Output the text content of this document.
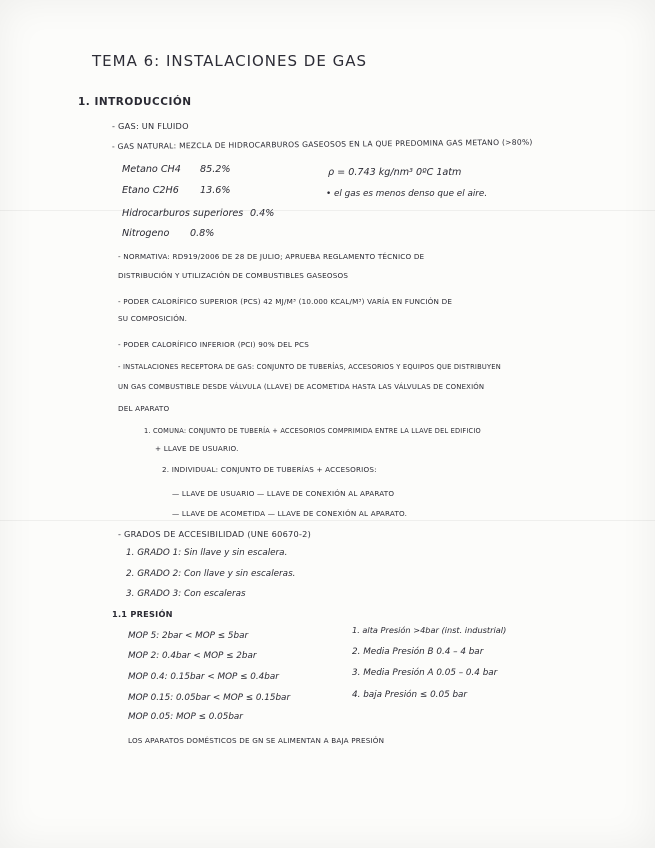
TEMA 6: INSTALACIONES DE GAS
1. INTRODUCCIÓN
- GAS: UN FLUIDO
- GAS NATURAL: MEZCLA DE HIDROCARBUROS GASEOSOS EN LA QUE PREDOMINA GAS METANO (>80%)
Metano CH4 85.2%
Etano C2H6 13.6%
Hidrocarburos superiores 0.4%
Nitrogeno 0.8%
ρ = 0.743 kg/nm³ 0ºC 1atm
• el gas es menos denso que el aire.
- NORMATIVA: RD919/2006 DE 28 DE JULIO; APRUEBA REGLAMENTO TÉCNICO DE
DISTRIBUCIÓN Y UTILIZACIÓN DE COMBUSTIBLES GASEOSOS
- PODER CALORÍFICO SUPERIOR (PCS) 42 MJ/M³ (10.000 KCAL/M³) VARÍA EN FUNCIÓN DE
SU COMPOSICIÓN.
- PODER CALORÍFICO INFERIOR (PCI) 90% DEL PCS
- INSTALACIONES RECEPTORA DE GAS: CONJUNTO DE TUBERÍAS, ACCESORIOS Y EQUIPOS QUE DISTRIBUYEN
UN GAS COMBUSTIBLE DESDE VÁLVULA (LLAVE) DE ACOMETIDA HASTA LAS VÁLVULAS DE CONEXIÓN
DEL APARATO
1. COMUNA: CONJUNTO DE TUBERÍA + ACCESORIOS COMPRIMIDA ENTRE LA LLAVE DEL EDIFICIO
+ LLAVE DE USUARIO.
2. INDIVIDUAL: CONJUNTO DE TUBERÍAS + ACCESORIOS:
— LLAVE DE USUARIO — LLAVE DE CONEXIÓN AL APARATO
— LLAVE DE ACOMETIDA — LLAVE DE CONEXIÓN AL APARATO.
- GRADOS DE ACCESIBILIDAD (UNE 60670-2)
1. GRADO 1: Sin llave y sin escalera.
2. GRADO 2: Con llave y sin escaleras.
3. GRADO 3: Con escaleras
1.1 PRESIÓN
MOP 5: 2bar < MOP ≤ 5bar
MOP 2: 0.4bar < MOP ≤ 2bar
MOP 0.4: 0.15bar < MOP ≤ 0.4bar
MOP 0.15: 0.05bar < MOP ≤ 0.15bar
MOP 0.05: MOP ≤ 0.05bar
1. alta Presión >4bar (inst. industrial)
2. Media Presión B 0.4 – 4 bar
3. Media Presión A 0.05 – 0.4 bar
4. baja Presión ≤ 0.05 bar
LOS APARATOS DOMÉSTICOS DE GN SE ALIMENTAN A BAJA PRESIÓN
